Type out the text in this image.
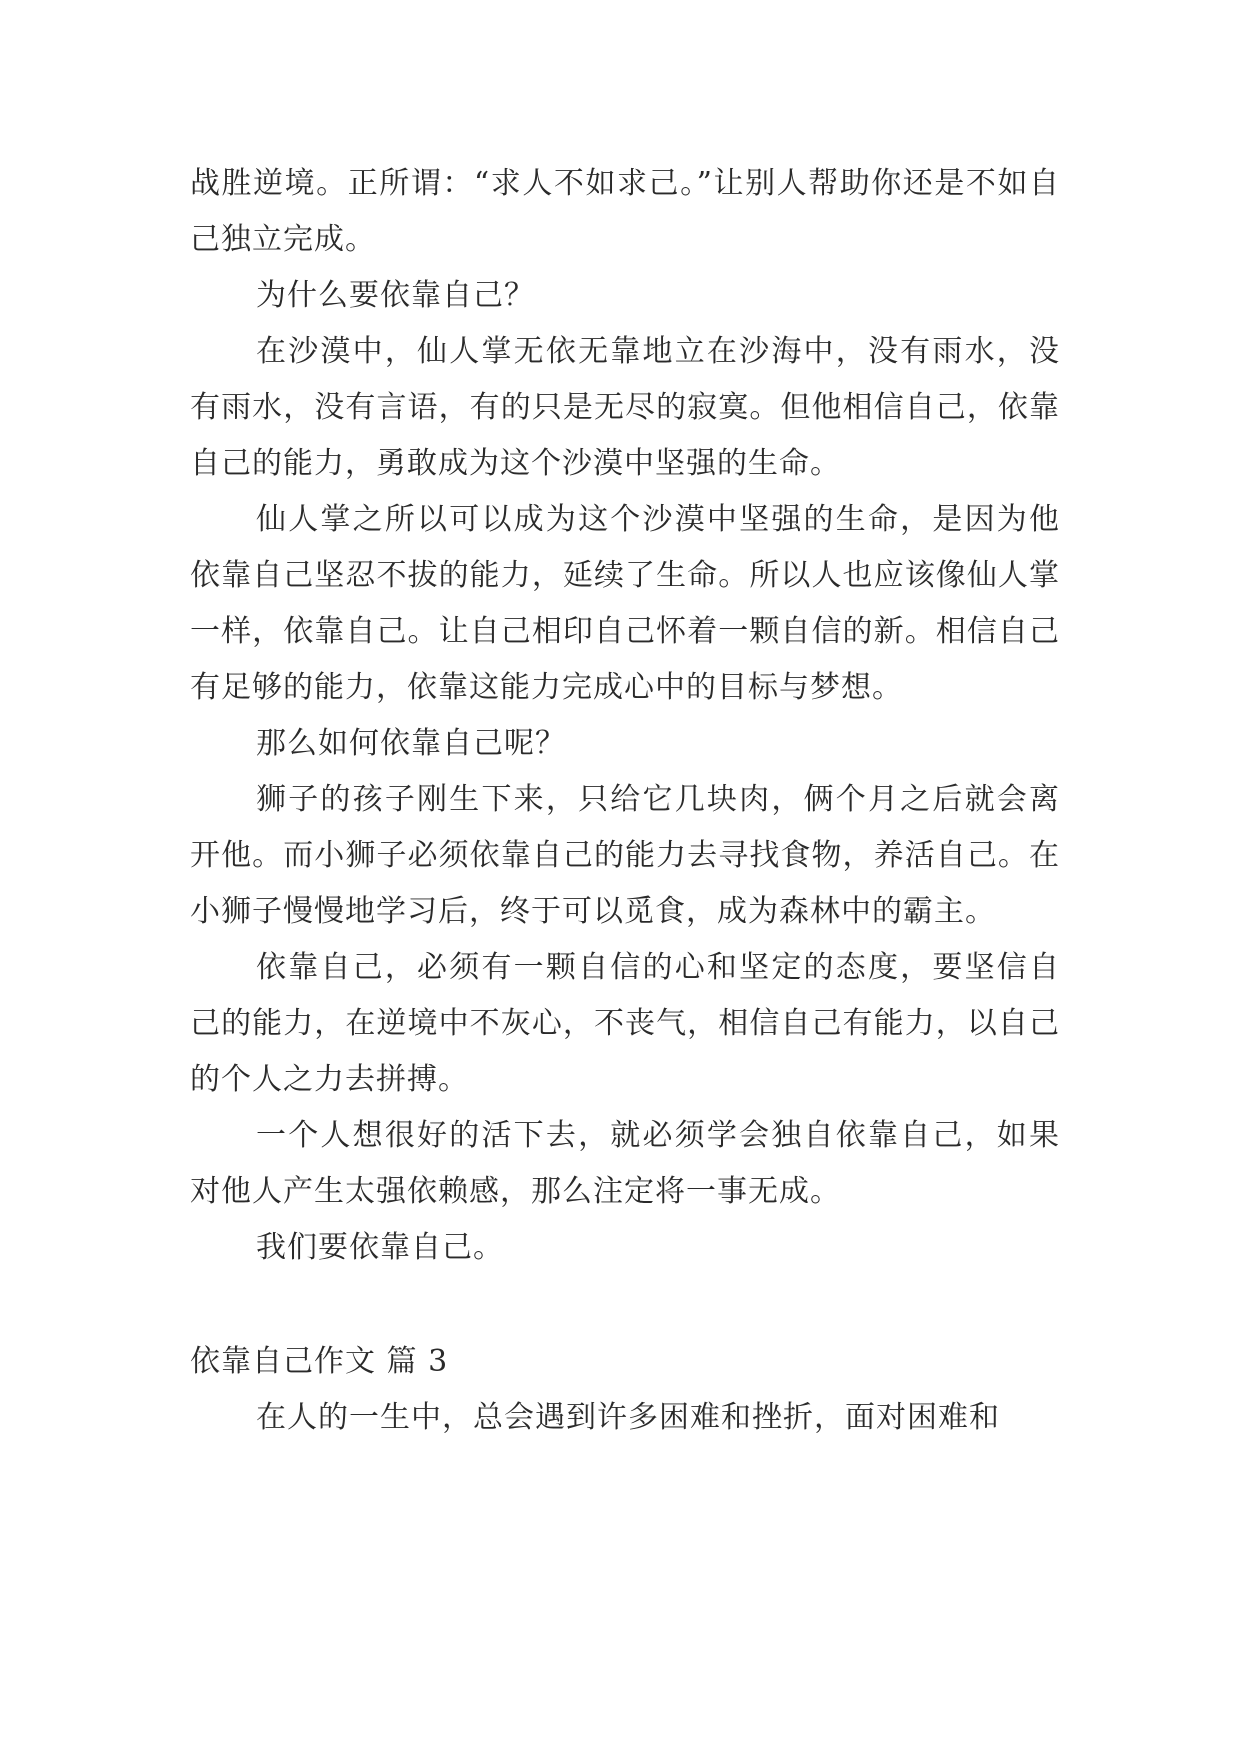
战胜逆境。正所谓：“求人不如求己。”让别人帮助你还是不如自己独立完成。

为什么要依靠自己？

在沙漠中，仙人掌无依无靠地立在沙海中，没有雨水，没有雨水，没有言语，有的只是无尽的寂寞。但他相信自己，依靠自己的能力，勇敢成为这个沙漠中坚强的生命。

仙人掌之所以可以成为这个沙漠中坚强的生命，是因为他依靠自己坚忍不拔的能力，延续了生命。所以人也应该像仙人掌一样，依靠自己。让自己相印自己怀着一颗自信的新。相信自己有足够的能力，依靠这能力完成心中的目标与梦想。

那么如何依靠自己呢？

狮子的孩子刚生下来，只给它几块肉，俩个月之后就会离开他。而小狮子必须依靠自己的能力去寻找食物，养活自己。在小狮子慢慢地学习后，终于可以觅食，成为森林中的霸主。

依靠自己，必须有一颗自信的心和坚定的态度，要坚信自己的能力，在逆境中不灰心，不丧气，相信自己有能力，以自己的个人之力去拼搏。

一个人想很好的活下去，就必须学会独自依靠自己，如果对他人产生太强依赖感，那么注定将一事无成。

我们要依靠自己。

依靠自己作文 篇 3

在人的一生中，总会遇到许多困难和挫折，面对困难和
